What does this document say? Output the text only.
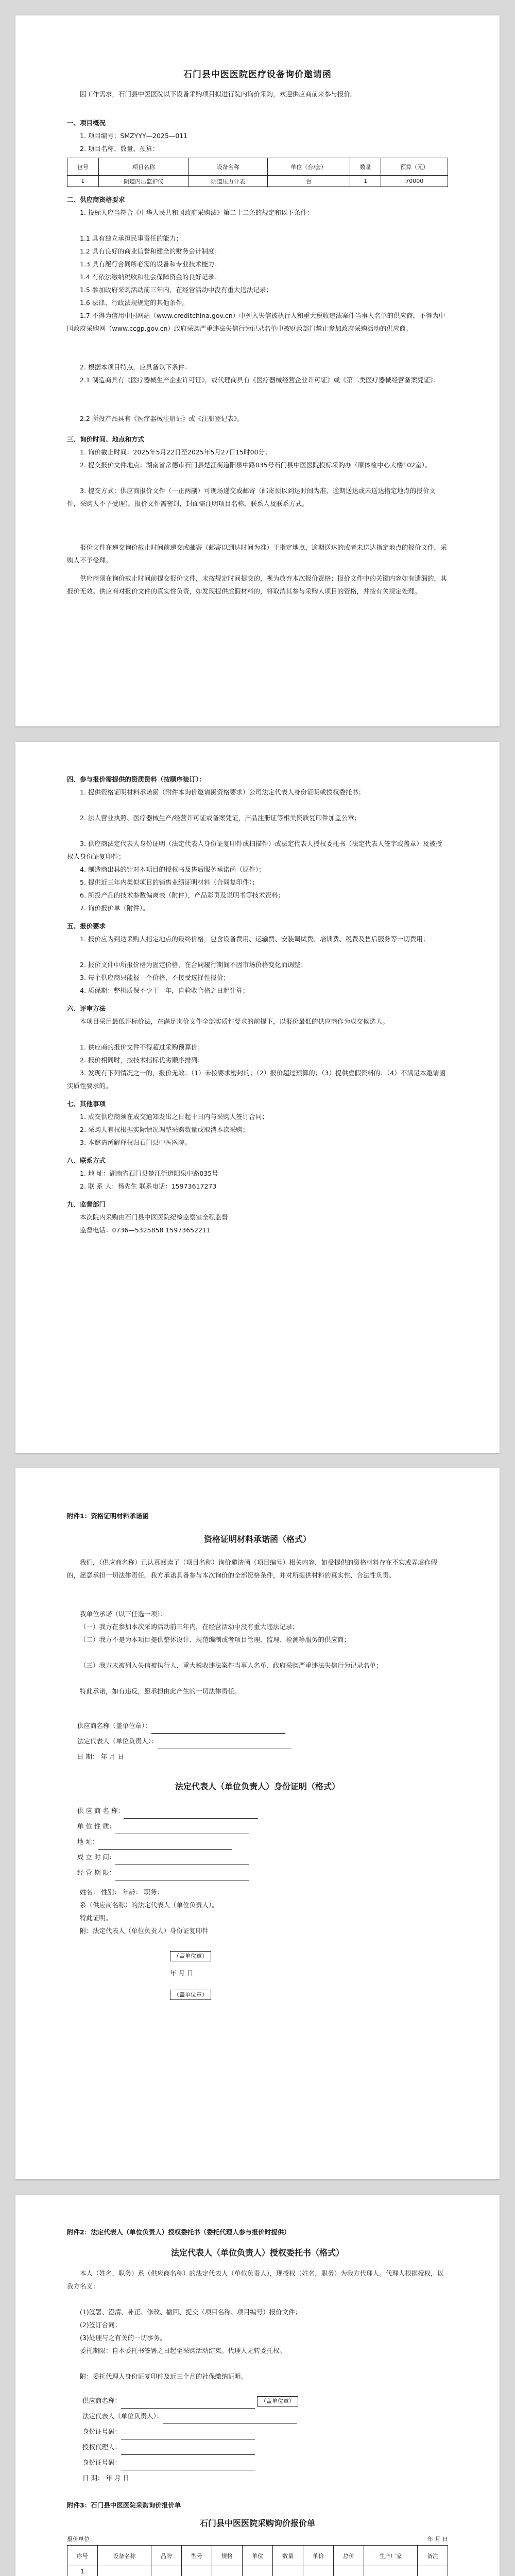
石门县中医医院医疗设备询价邀请函

因工作需求，石门县中医医院以下设备采购项目拟进行院内询价采购，欢迎供应商前来参与报价。

一、项目概况

1. 项目编号：SMZYYY—2025—011

2. 项目名称、数量、预算：

包号	项目名称	设备名称	单位（台/套）	数量	预算（元）
1	阴道内压监护仪	阴道压力计表	台	1	70000

二、供应商资格要求

1. 投标人应当符合《中华人民共和国政府采购法》第二十二条的规定和以下条件：

1.1 具有独立承担民事责任的能力；

1.2 具有良好的商业信誉和健全的财务会计制度；

1.3 具有履行合同所必需的设备和专业技术能力；

1.4 有依法缴纳税收和社会保障资金的良好记录；

1.5 参加政府采购活动前三年内，在经营活动中没有重大违法记录；

1.6 法律、行政法规规定的其他条件。

1.7 不得为信用中国网站（www.creditchina.gov.cn）中列入失信被执行人和重大税收违法案件当事人名单的供应商，不得为中国政府采购网（www.ccgp.gov.cn）政府采购严重违法失信行为记录名单中被财政部门禁止参加政府采购活动的供应商。

2. 根据本项目特点，应具备以下条件：

2.1 制造商具有《医疗器械生产企业许可证》，或代理商具有《医疗器械经营企业许可证》或《第二类医疗器械经营备案凭证》；

2.2 所投产品具有《医疗器械注册证》或《注册登记表》。

三、询价时间、地点和方式

1. 询价截止时间：2025年5月22日至2025年5月27日15时00分；

2. 提交报价文件地点：湖南省常德市石门县楚江街道阳泉中路035号石门县中医医院投标采购办（原体检中心大楼102室）。

3. 提交方式：供应商报价文件（一正两副）可现场递交或邮寄（邮寄须以到达时间为准，逾期送达或未送达指定地点的报价文件，采购人不予受理）。报价文件需密封，封面需注明项目名称、联系人及联系方式。

报价文件在递交询价截止时间前递交或邮寄（邮寄以到达时间为准）于指定地点，逾期送达的或者未送达指定地点的报价文件，采购人不予受理。

供应商须在询价截止时间前提交报价文件，未按规定时间提交的，视为放弃本次报价资格；报价文件中的关键内容如有遗漏的，其报价无效。供应商对报价文件的真实性负责，如发现提供虚假材料的，将取消其参与采购人项目的资格，并按有关规定处理。

四、参与报价需提供的资质资料（按顺序装订）：

1. 提供资格证明材料承诺函（附件本询价邀请函资格要求）公司法定代表人身份证明或授权委托书；

2. 法人营业执照、医疗器械生产/经营许可证或备案凭证，产品注册证等相关资质复印件加盖公章；

3. 供应商法定代表人身份证明（法定代表人身份证复印件或扫描件）或法定代表人授权委托书（法定代表人签字或盖章）及被授权人身份证复印件；

4. 制造商出具的针对本项目的授权书及售后服务承诺函（原件）；

5. 提供近三年内类似项目的销售业绩证明材料（合同复印件）；

6. 所投产品的技术参数偏离表（附件），产品彩页及说明书等技术资料；

7. 询价报价单（附件）。

五、报价要求

1. 报价应为到达采购人指定地点的最终价格，包含设备费用、运输费、安装调试费、培训费、税费及售后服务等一切费用；

2. 报价文件中所报价格为固定价格，在合同履行期间不因市场价格变化而调整；

3. 每个供应商只能报一个价格，不接受选择性报价；

4. 质保期：整机质保不少于一年，自验收合格之日起计算；

六、评审方法

本项目采用最低评标价法，在满足询价文件全部实质性要求的前提下，以报价最低的供应商作为成交候选人。

1. 供应商的报价文件不得超过采购预算价；

2. 报价相同时，按技术指标优劣顺序排列；

3. 发现有下列情况之一的，报价无效：（1）未按要求密封的；（2）报价超过预算的；（3）提供虚假资料的；（4）不满足本邀请函实质性要求的。

七、其他事项

1. 成交供应商须在成交通知发出之日起十日内与采购人签订合同；

2. 采购人有权根据实际情况调整采购数量或取消本次采购；

3. 本邀请函解释权归石门县中医医院。

八、联系方式

1. 地 址：湖南省石门县楚江街道阳泉中路035号

2. 联 系 人：杨先生 联系电话：15973617273

九、监督部门

本次院内采购由石门县中医医院纪检监察室全程监督

监督电话：0736—5325858 15973652211

附件1：资格证明材料承诺函

资格证明材料承诺函（格式）

我们，（供应商名称）已认真阅读了（项目名称）询价邀请函（项目编号）相关内容，如受提供的资格材料存在不实或弄虚作假的，愿意承担一切法律责任。我方承诺具备参与本次询价的全部资格条件，并对所提供材料的真实性、合法性负责。

我单位承诺（以下任选一项）：

（一）我方在参加本次采购活动前三年内，在经营活动中没有重大违法记录；

（二）我方不是为本项目提供整体设计、规范编制或者项目管理、监理、检测等服务的供应商；

（三）我方未被列入失信被执行人、重大税收违法案件当事人名单、政府采购严重违法失信行为记录名单；

特此承诺，如有违反，愿承担由此产生的一切法律责任。

供应商名称（盖单位章）：
法定代表人（单位负责人）：
日 期： 年 月 日
法定代表人（单位负责人）身份证明（格式）
供 应 商 名 称：
单 位 性 质：
地 址：
成 立 时 间：
经 营 期 限：

姓名： 性别： 年龄： 职务：

系（供应商名称）的法定代表人（单位负责人）。

特此证明。

附：法定代表人（单位负责人）身份证复印件

（盖单位章）
年 月 日
（盖单位章）

附件2：法定代表人（单位负责人）授权委托书（委托代理人参与报价时提供）

法定代表人（单位负责人）授权委托书（格式）

本人（姓名，职务）系（供应商名称）的法定代表人（单位负责人），现授权（姓名，职务）为我方代理人。代理人根据授权，以我方名义：

(1)签署、澄清、补正、修改、撤回、提交（项目名称、项目编号）报价文件；

(2)签订合同；

(3)处理与之有关的一切事务。

委托期限：自本委托书签署之日起至采购活动结束。代理人无转委托权。

附：委托代理人身份证复印件及近三个月的社保缴纳证明。

供应商名称：	（盖单位章）
法定代表人（单位负责人）：
身份证号码：
授权代理人：
身份证号码：
日 期： 年 月 日

附件3：石门县中医医院采购询价报价单

石门县中医医院采购询价报价单
报价单位：	年 月 日
序号	设备名称	品牌	型号	规格	单位	数量	单价	总价	生产厂家	备注
1										
